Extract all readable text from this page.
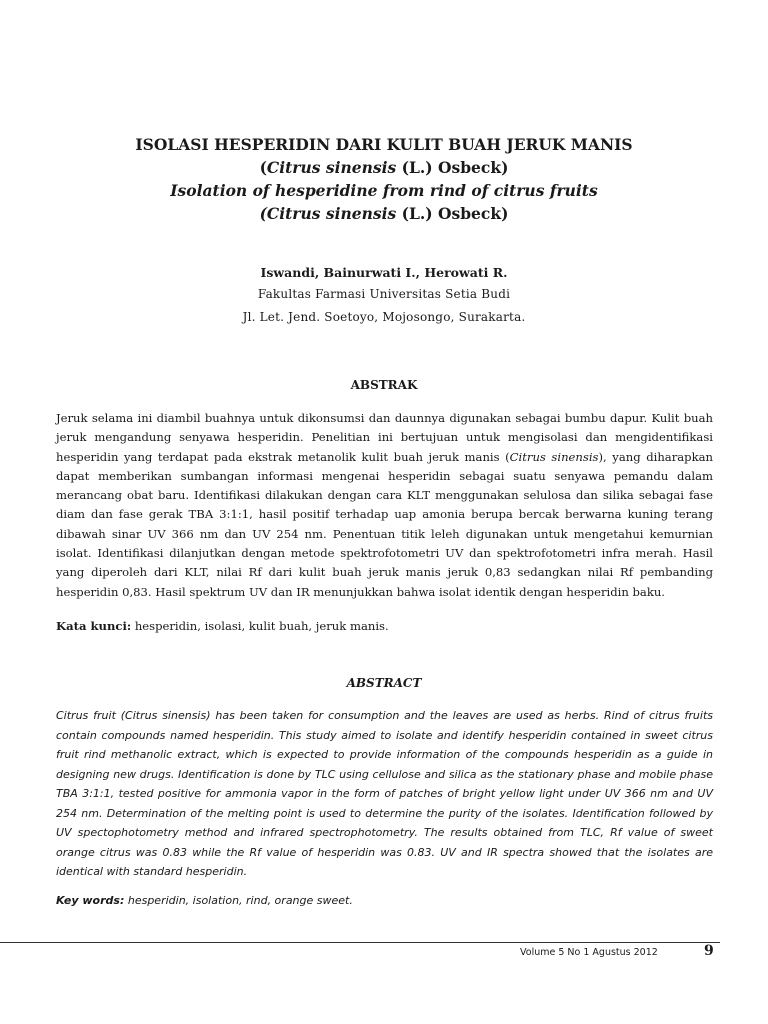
ISOLASI HESPERIDIN DARI KULIT BUAH JERUK MANIS
(Citrus sinensis (L.) Osbeck)
Isolation of hesperidine from rind of citrus fruits
(Citrus sinensis (L.) Osbeck)
Iswandi, Bainurwati I., Herowati R.
Fakultas Farmasi Universitas Setia Budi
Jl. Let. Jend. Soetoyo, Mojosongo, Surakarta.
ABSTRAK
Jeruk selama ini diambil buahnya untuk dikonsumsi dan daunnya digunakan sebagai bumbu dapur. Kulit buah jeruk mengandung senyawa hesperidin. Penelitian ini bertujuan untuk mengisolasi dan mengidentifikasi hesperidin yang terdapat pada ekstrak metanolik kulit buah jeruk manis (Citrus sinensis), yang diharapkan dapat memberikan sumbangan informasi mengenai hesperidin sebagai suatu senyawa pemandu dalam merancang obat baru. Identifikasi dilakukan dengan cara KLT menggunakan selulosa dan silika sebagai fase diam dan fase gerak TBA 3:1:1, hasil positif terhadap uap amonia berupa bercak berwarna kuning terang dibawah sinar UV 366 nm dan UV 254 nm. Penentuan titik leleh digunakan untuk mengetahui kemurnian isolat. Identifikasi dilanjutkan dengan metode spektrofotometri UV dan spektrofotometri infra merah. Hasil yang diperoleh dari KLT, nilai Rf dari kulit buah jeruk manis jeruk 0,83 sedangkan nilai Rf pembanding hesperidin 0,83. Hasil spektrum UV dan IR menunjukkan bahwa isolat identik dengan hesperidin baku.
Kata kunci: hesperidin, isolasi, kulit buah, jeruk manis.
ABSTRACT
Citrus fruit (Citrus sinensis) has been taken for consumption and the leaves are used as herbs. Rind of citrus fruits contain compounds named hesperidin. This study aimed to isolate and identify hesperidin contained in sweet citrus fruit rind methanolic extract, which is expected to provide information of the compounds hesperidin as a guide in designing new drugs. Identification is done by TLC using cellulose and silica as the stationary phase and mobile phase TBA 3:1:1, tested positive for ammonia vapor in the form of patches of bright yellow light under UV 366 nm and UV 254 nm. Determination of the melting point is used to determine the purity of the isolates. Identification followed by UV spectophotometry method and infrared spectrophotometry. The results obtained from TLC, Rf value of sweet orange citrus was 0.83 while the Rf value of hesperidin was 0.83. UV and IR spectra showed that the isolates are identical with standard hesperidin.
Key words: hesperidin, isolation, rind, orange sweet.
Volume 5 No 1 Agustus 2012	9
